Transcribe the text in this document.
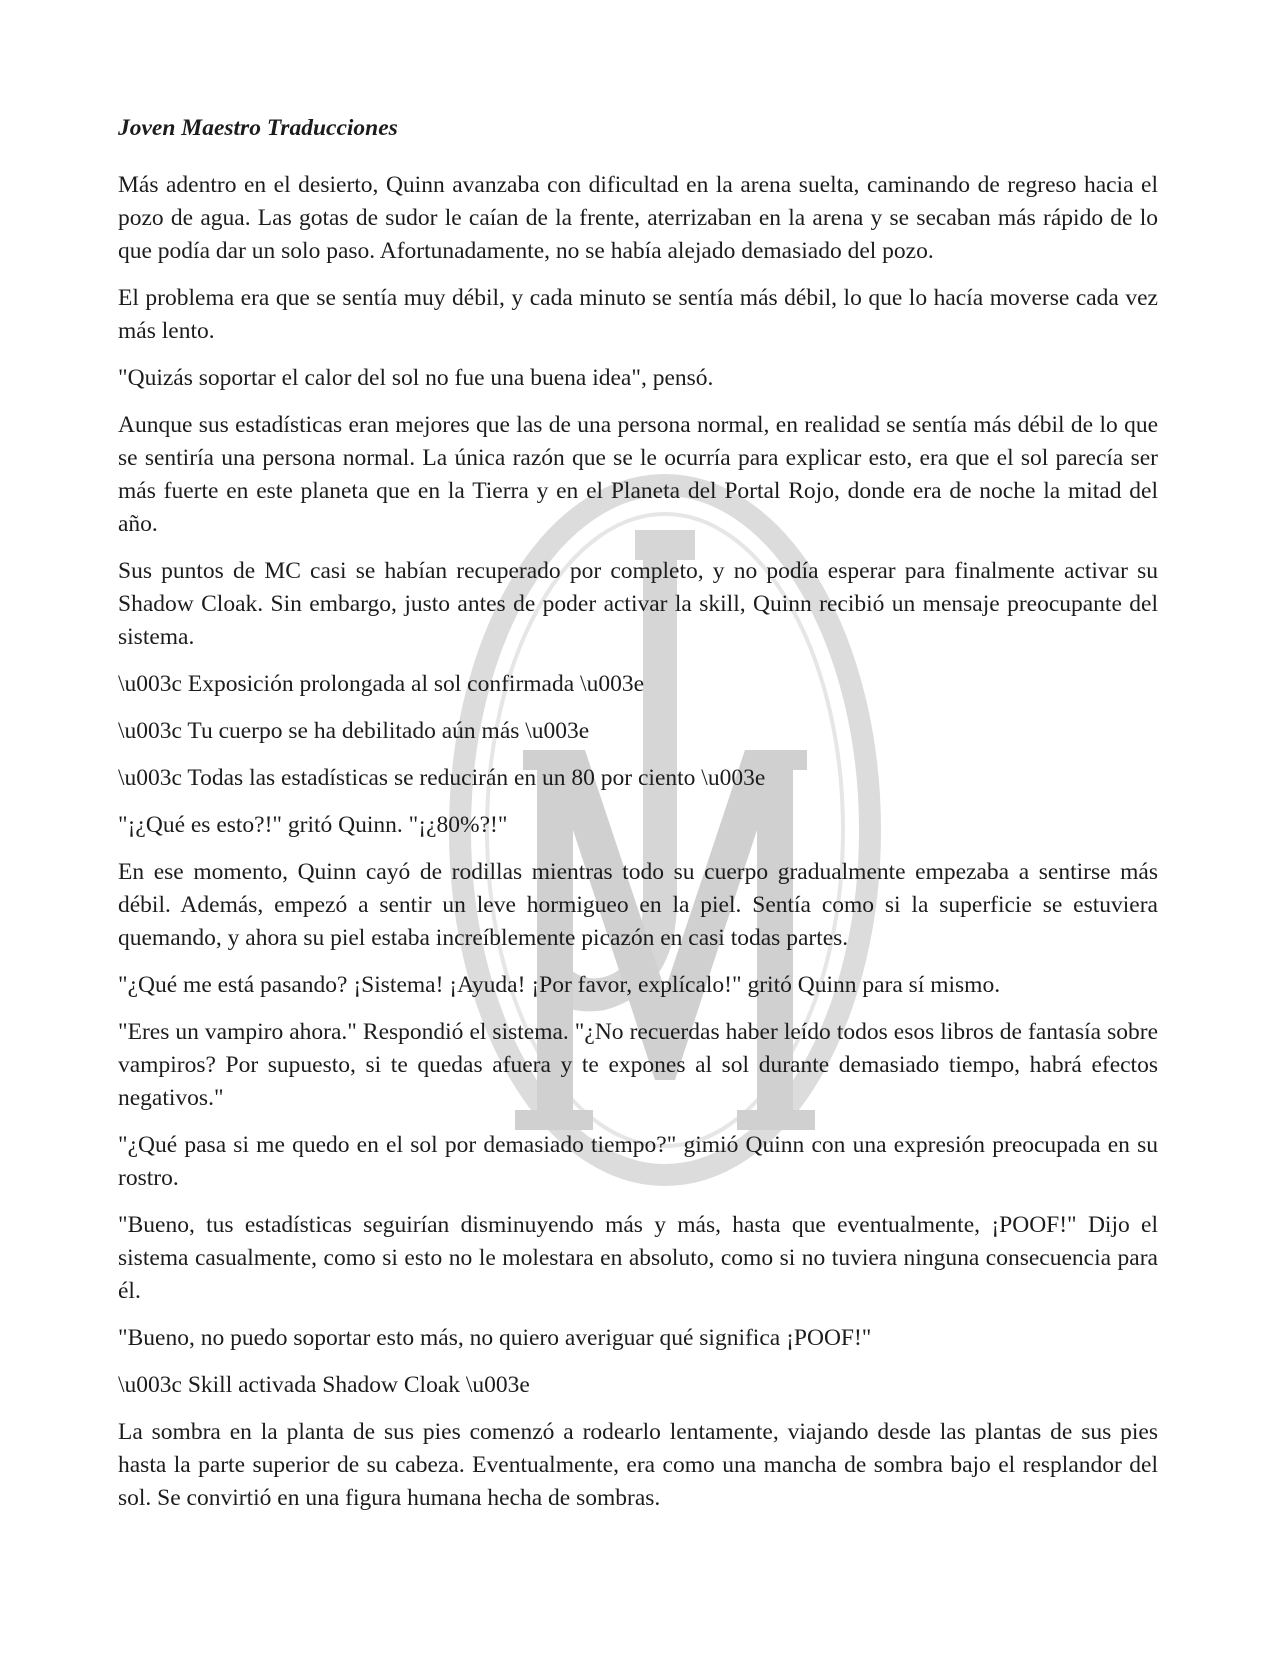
Joven Maestro Traducciones

Más adentro en el desierto, Quinn avanzaba con dificultad en la arena suelta, caminando de regreso hacia el pozo de agua. Las gotas de sudor le caían de la frente, aterrizaban en la arena y se secaban más rápido de lo que podía dar un solo paso. Afortunadamente, no se había alejado demasiado del pozo.

El problema era que se sentía muy débil, y cada minuto se sentía más débil, lo que lo hacía moverse cada vez más lento.

"Quizás soportar el calor del sol no fue una buena idea", pensó.

Aunque sus estadísticas eran mejores que las de una persona normal, en realidad se sentía más débil de lo que se sentiría una persona normal. La única razón que se le ocurría para explicar esto, era que el sol parecía ser más fuerte en este planeta que en la Tierra y en el Planeta del Portal Rojo, donde era de noche la mitad del año.

Sus puntos de MC casi se habían recuperado por completo, y no podía esperar para finalmente activar su Shadow Cloak. Sin embargo, justo antes de poder activar la skill, Quinn recibió un mensaje preocupante del sistema.

\u003c Exposición prolongada al sol confirmada \u003e

\u003c Tu cuerpo se ha debilitado aún más \u003e

\u003c Todas las estadísticas se reducirán en un 80 por ciento \u003e

"¡¿Qué es esto?!" gritó Quinn. "¡¿80%?!"

En ese momento, Quinn cayó de rodillas mientras todo su cuerpo gradualmente empezaba a sentirse más débil. Además, empezó a sentir un leve hormigueo en la piel. Sentía como si la superficie se estuviera quemando, y ahora su piel estaba increíblemente picazón en casi todas partes.

"¿Qué me está pasando? ¡Sistema! ¡Ayuda! ¡Por favor, explícalo!" gritó Quinn para sí mismo.

"Eres un vampiro ahora." Respondió el sistema. "¿No recuerdas haber leído todos esos libros de fantasía sobre vampiros? Por supuesto, si te quedas afuera y te expones al sol durante demasiado tiempo, habrá efectos negativos."

"¿Qué pasa si me quedo en el sol por demasiado tiempo?" gimió Quinn con una expresión preocupada en su rostro.

"Bueno, tus estadísticas seguirían disminuyendo más y más, hasta que eventualmente, ¡POOF!" Dijo el sistema casualmente, como si esto no le molestara en absoluto, como si no tuviera ninguna consecuencia para él.

"Bueno, no puedo soportar esto más, no quiero averiguar qué significa ¡POOF!"

\u003c Skill activada Shadow Cloak \u003e

La sombra en la planta de sus pies comenzó a rodearlo lentamente, viajando desde las plantas de sus pies hasta la parte superior de su cabeza. Eventualmente, era como una mancha de sombra bajo el resplandor del sol. Se convirtió en una figura humana hecha de sombras.
